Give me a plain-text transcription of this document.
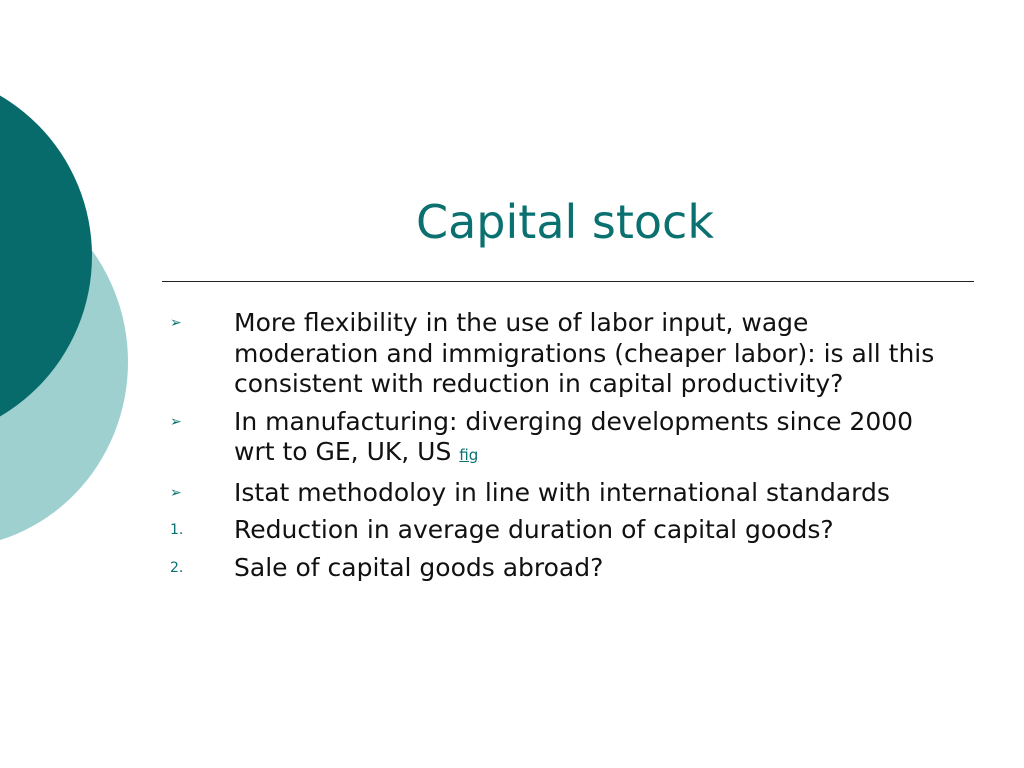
Capital stock
➢	More flexibility in the use of labor input, wage moderation and immigrations (cheaper labor): is all this consistent with reduction in capital productivity?
➢	In manufacturing: diverging developments since 2000 wrt to GE, UK, US fig
➢	Istat methodoloy in line with international standards
1.	Reduction in average duration of capital goods?
2.	Sale of capital goods abroad?
